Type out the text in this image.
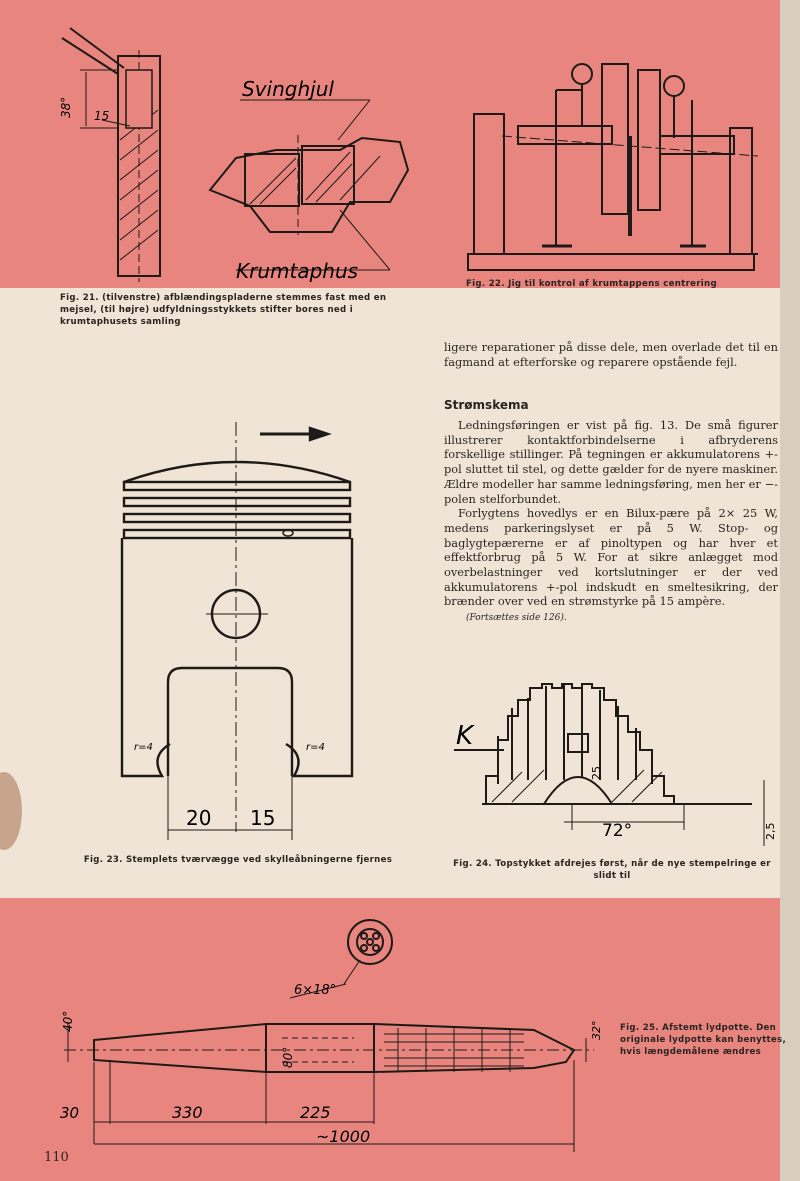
38° 15
Svinghjul
Krumtaphus
Fig. 21. (tilvenstre) afblændingspladerne stemmes fast med en mejsel, (til højre) udfyldningsstykkets stifter bores ned i krumtaphusets samling
Fig. 22. Jig til kontrol af krumtappens centrering

ligere reparationer på disse dele, men overlade det til en fagmand at efterforske og reparere opstående fejl.

Strømskema

Ledningsføringen er vist på fig. 13. De små figurer illustrerer kontaktforbindelserne i afbryderens forskellige stillinger. På tegningen er akkumulatorens +-pol sluttet til stel, og dette gælder for de nyere maskiner. Ældre modeller har samme ledningsføring, men her er −-polen stelforbundet.

Forlygtens hovedlys er en Bilux-pære på 2× 25 W, medens parkeringslyset er på 5 W. Stop- og baglygtepærerne er af pinoltypen og har hver et effektforbrug på 5 W. For at sikre anlægget mod overbelastninger ved kortslutninger er der ved akkumulatorens +-pol indskudt en smeltesikring, der brænder over ved en strømstyrke på 15 ampère.

(Fortsættes side 126).
r=4	r=4
20 15
Fig. 23. Stemplets tværvægge ved skylleåbningerne fjernes
K
72°
25
2,5
Fig. 24. Topstykket afdrejes først, når de nye stempelringe er slidt til
40°
80°
32°
6×18°
30	330	225
~1000
Fig. 25. Afstemt lydpotte. Den originale lydpotte kan benyttes, hvis længdemålene ændres
110
